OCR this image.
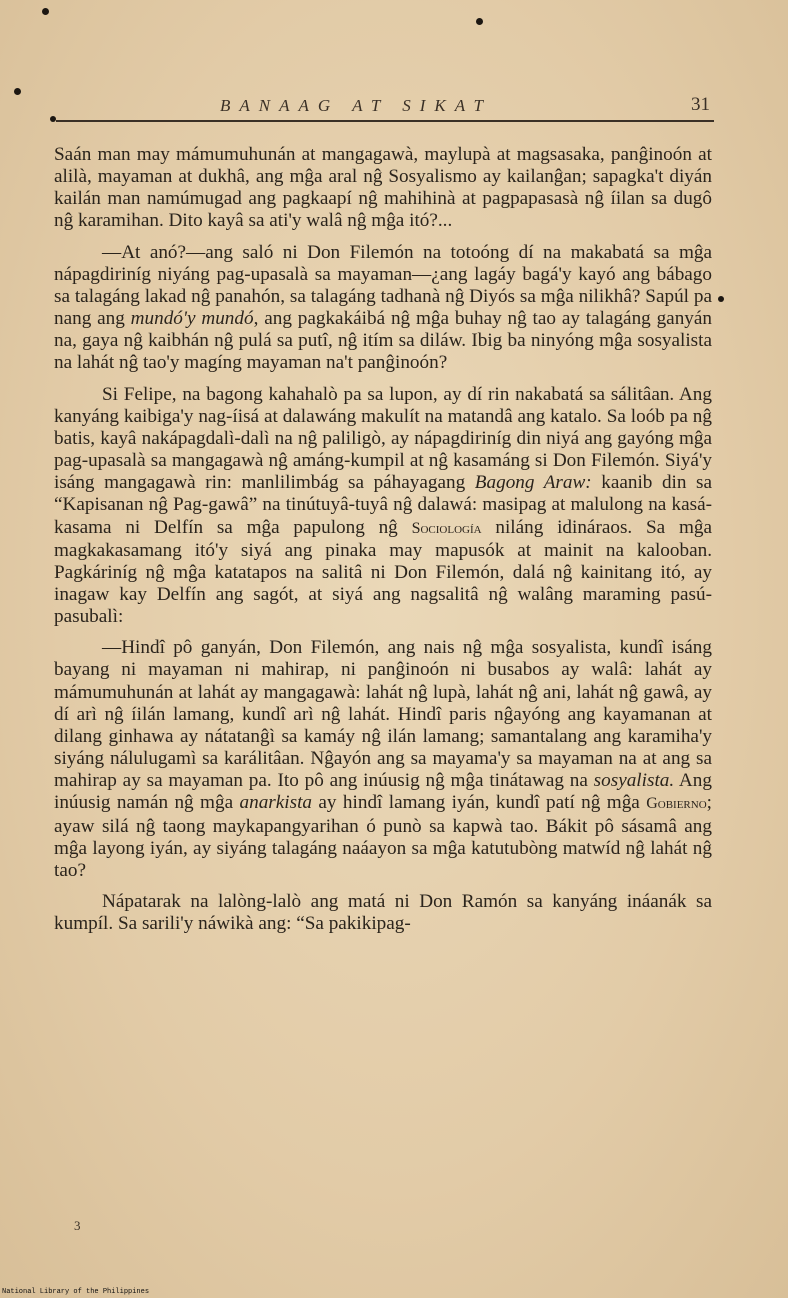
BANAAG AT SIKAT	31

Saán man may mámumuhunán at mangagawà, maylupà at magsasaka, panĝinoón at alilà, mayaman at dukhâ, ang mĝa aral nĝ Sosyalismo ay kailanĝan; sapagka't diyán kailán man namúmugad ang pagkaapí nĝ mahihinà at pagpapasasà nĝ íilan sa dugô nĝ karamihan. Dito kayâ sa ati'y walâ nĝ mĝa itó?...

—At anó?—ang saló ni Don Filemón na totoóng dí na makabatá sa mĝa nápagdiriníg niyáng pag-upasalà sa mayaman—¿ang lagáy bagá'y kayó ang bábago sa talagáng lakad nĝ panahón, sa talagáng tadhanà nĝ Diyós sa mĝa nilikhâ? Sapúl pa nang ang mundó'y mundó, ang pagkakáibá nĝ mĝa buhay nĝ tao ay talagáng ganyán na, gaya nĝ kaibhán nĝ pulá sa putî, nĝ itím sa diláw. Ibig ba ninyóng mĝa sosyalista na lahát nĝ tao'y magíng mayaman na't panĝinoón?

Si Felipe, na bagong kahahalò pa sa lupon, ay dí rin nakabatá sa sálitâan. Ang kanyáng kaibiga'y nag-íisá at dalawáng makulít na matandâ ang katalo. Sa loób pa nĝ batis, kayâ nakápagdalì-dalì na nĝ paliligò, ay nápagdiriníg din niyá ang gayóng mĝa pag-upasalà sa mangagawà nĝ amáng-kumpil at nĝ kasamáng si Don Filemón. Siyá'y isáng mangagawà rin: manlilimbág sa páhayagang Bagong Araw: kaanib din sa “Kapisanan nĝ Pag-gawâ” na tinútuyâ-tuyâ nĝ dalawá: masipag at malulong na kasá-kasama ni Delfín sa mĝa papulong nĝ Sociología niláng idináraos. Sa mĝa magkakasamang itó'y siyá ang pinaka may mapusók at mainit na kalooban. Pagkáriníg nĝ mĝa katatapos na salitâ ni Don Filemón, dalá nĝ kainitang itó, ay inagaw kay Delfín ang sagót, at siyá ang nagsalitâ nĝ walâng maraming pasú-pasubalì:

—Hindî pô ganyán, Don Filemón, ang nais nĝ mĝa sosyalista, kundî isáng bayang ni mayaman ni mahirap, ni panĝinoón ni busabos ay walâ: lahát ay mámumuhunán at lahát ay mangagawà: lahát nĝ lupà, lahát nĝ ani, lahát nĝ gawâ, ay dí arì nĝ íilán lamang, kundî arì nĝ lahát. Hindî paris nĝayóng ang kayamanan at dilang ginhawa ay nátatanĝì sa kamáy nĝ ilán lamang; samantalang ang karamiha'y siyáng nálulugamì sa karálitâan. Nĝayón ang sa mayama'y sa mayaman na at ang sa mahirap ay sa mayaman pa. Ito pô ang inúusig nĝ mĝa tinátawag na sosyalista. Ang inúusig namán nĝ mĝa anarkista ay hindî lamang iyán, kundî patí nĝ mĝa Gobierno; ayaw silá nĝ taong maykapangyarihan ó punò sa kapwà tao. Bákit pô sásamâ ang mĝa layong iyán, ay siyáng talagáng naáayon sa mĝa katutubòng matwíd nĝ lahát nĝ tao?

Nápatarak na lalòng-lalò ang matá ni Don Ramón sa kanyáng ináanák sa kumpíl. Sa sarili'y náwikà ang: “Sa pakikipag-

3
National Library of the Philippines
